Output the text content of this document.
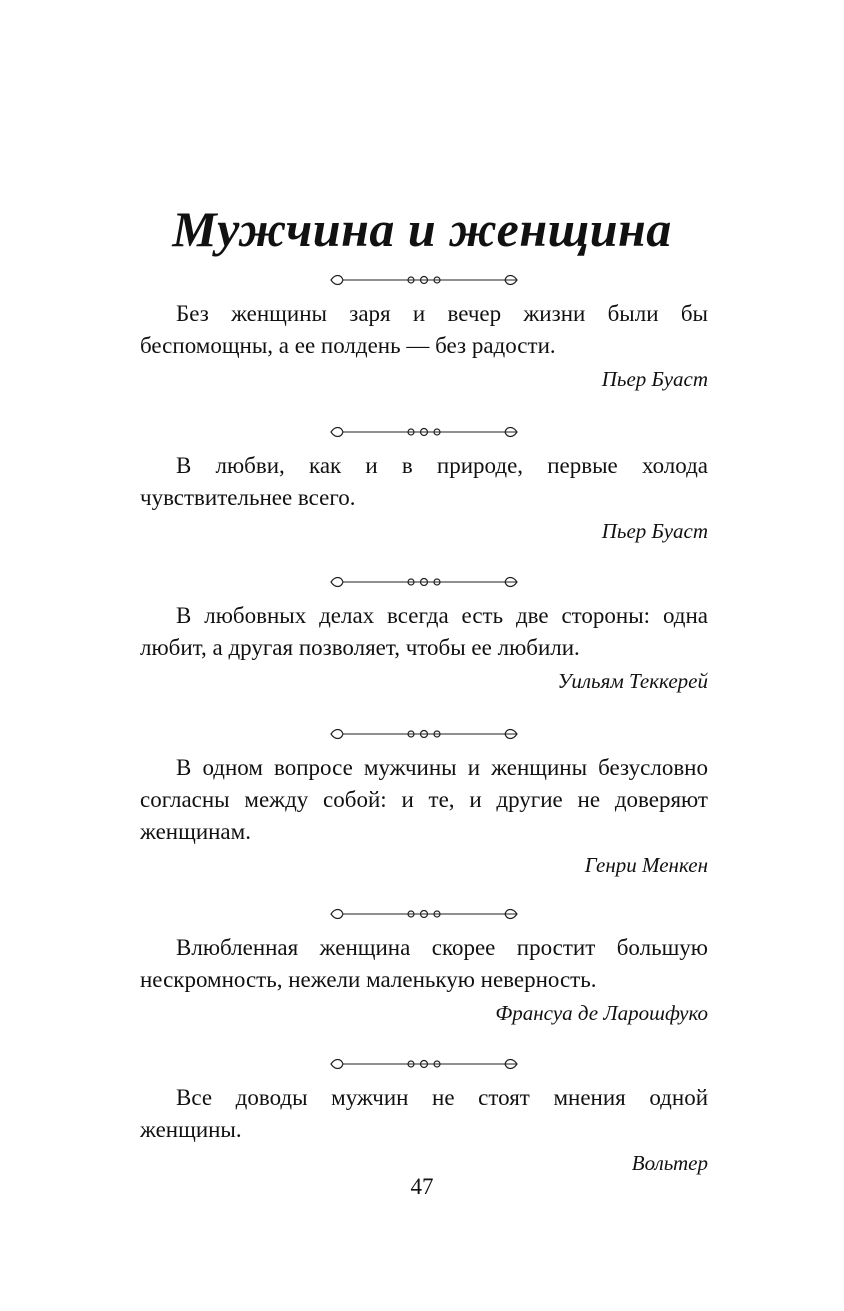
Мужчина и женщина

Без женщины заря и вечер жизни были бы беспомощны, а ее полдень — без радости.

Пьер Буаст

В любви, как и в природе, первые холода чувствительнее всего.

Пьер Буаст

В любовных делах всегда есть две стороны: одна любит, а другая позволяет, чтобы ее любили.

Уильям Теккерей

В одном вопросе мужчины и женщины безусловно согласны между собой: и те, и другие не доверяют женщинам.

Генри Менкен

Влюбленная женщина скорее простит большую нескромность, нежели маленькую неверность.

Франсуа де Ларошфуко

Все доводы мужчин не стоят мнения одной женщины.

Вольтер

47
